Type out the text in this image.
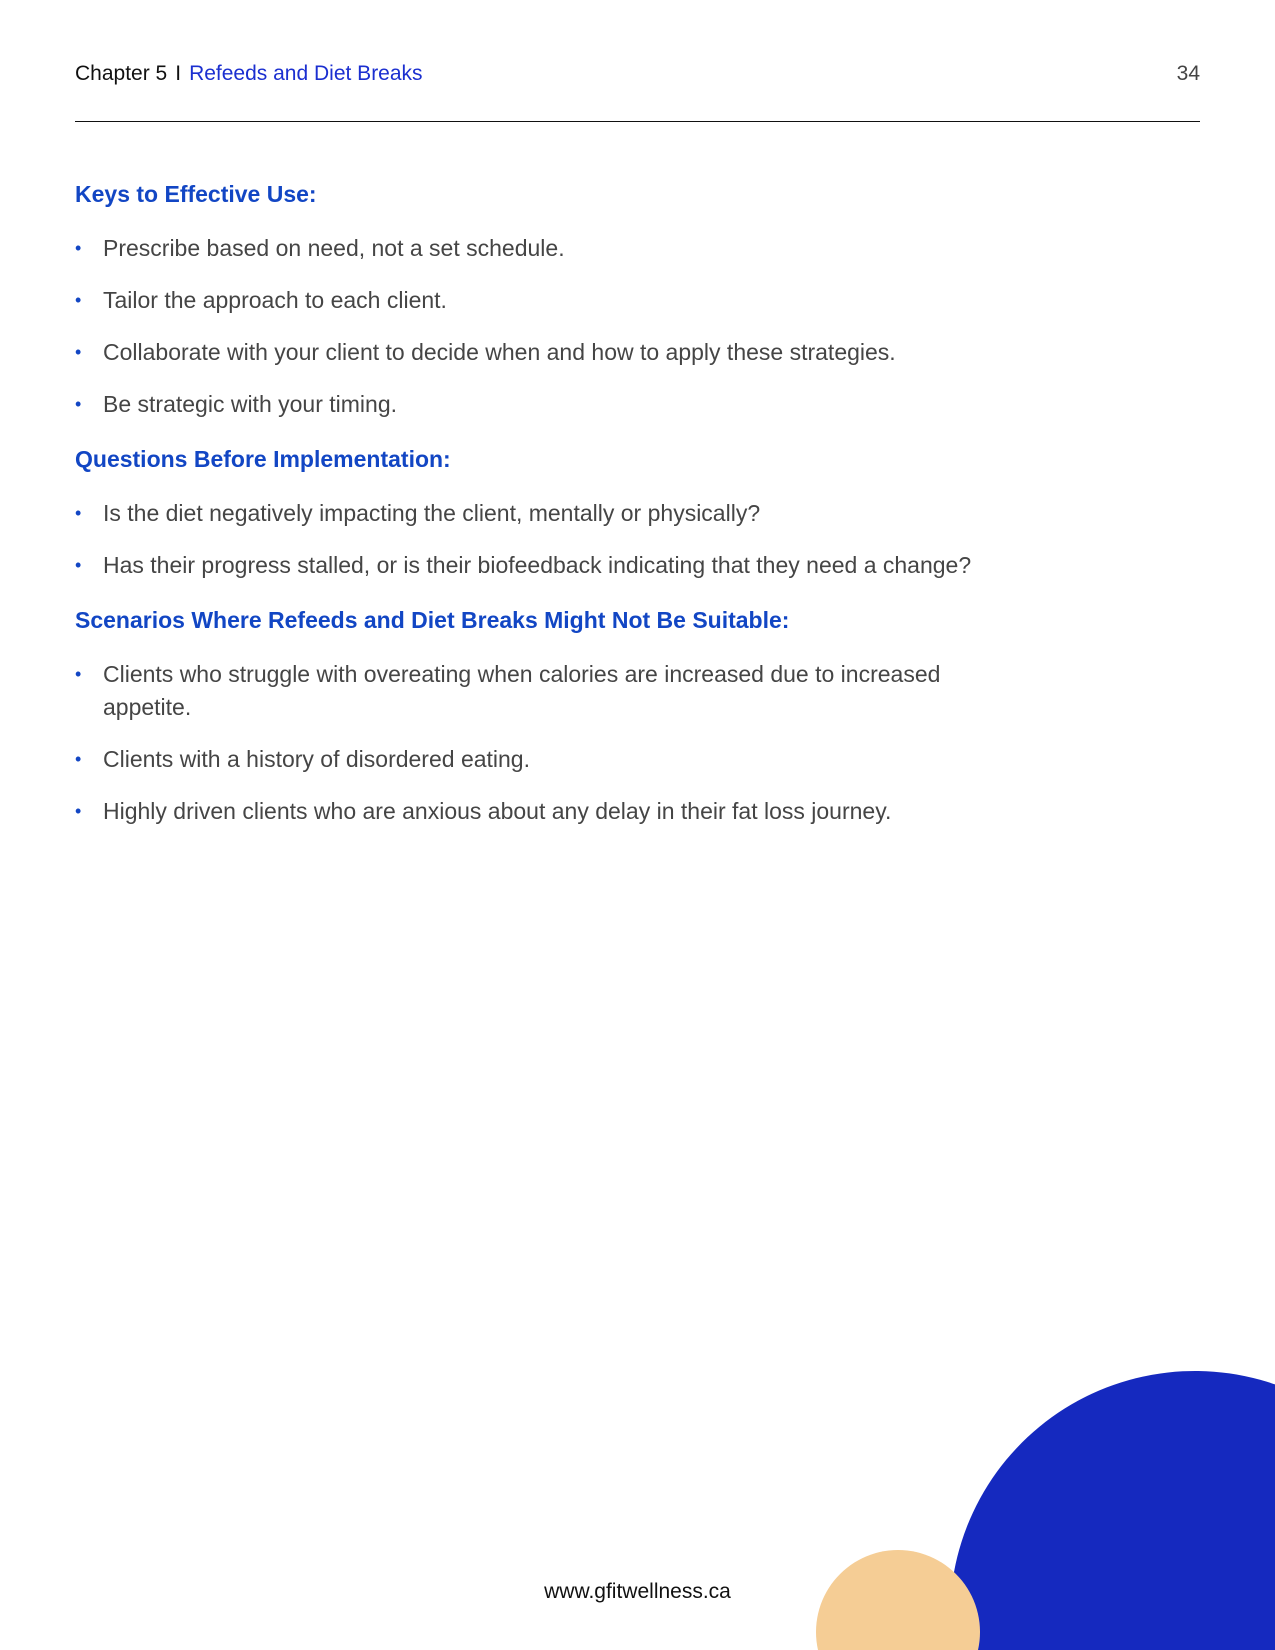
Chapter 5 I Refeeds and Diet Breaks	34
Keys to Effective Use:
• Prescribe based on need, not a set schedule.
• Tailor the approach to each client.
• Collaborate with your client to decide when and how to apply these strategies.
• Be strategic with your timing.
Questions Before Implementation:
• Is the diet negatively impacting the client, mentally or physically?
• Has their progress stalled, or is their biofeedback indicating that they need a change?
Scenarios Where Refeeds and Diet Breaks Might Not Be Suitable:
• Clients who struggle with overeating when calories are increased due to increased appetite.
• Clients with a history of disordered eating.
• Highly driven clients who are anxious about any delay in their fat loss journey.
www.gfitwellness.ca
